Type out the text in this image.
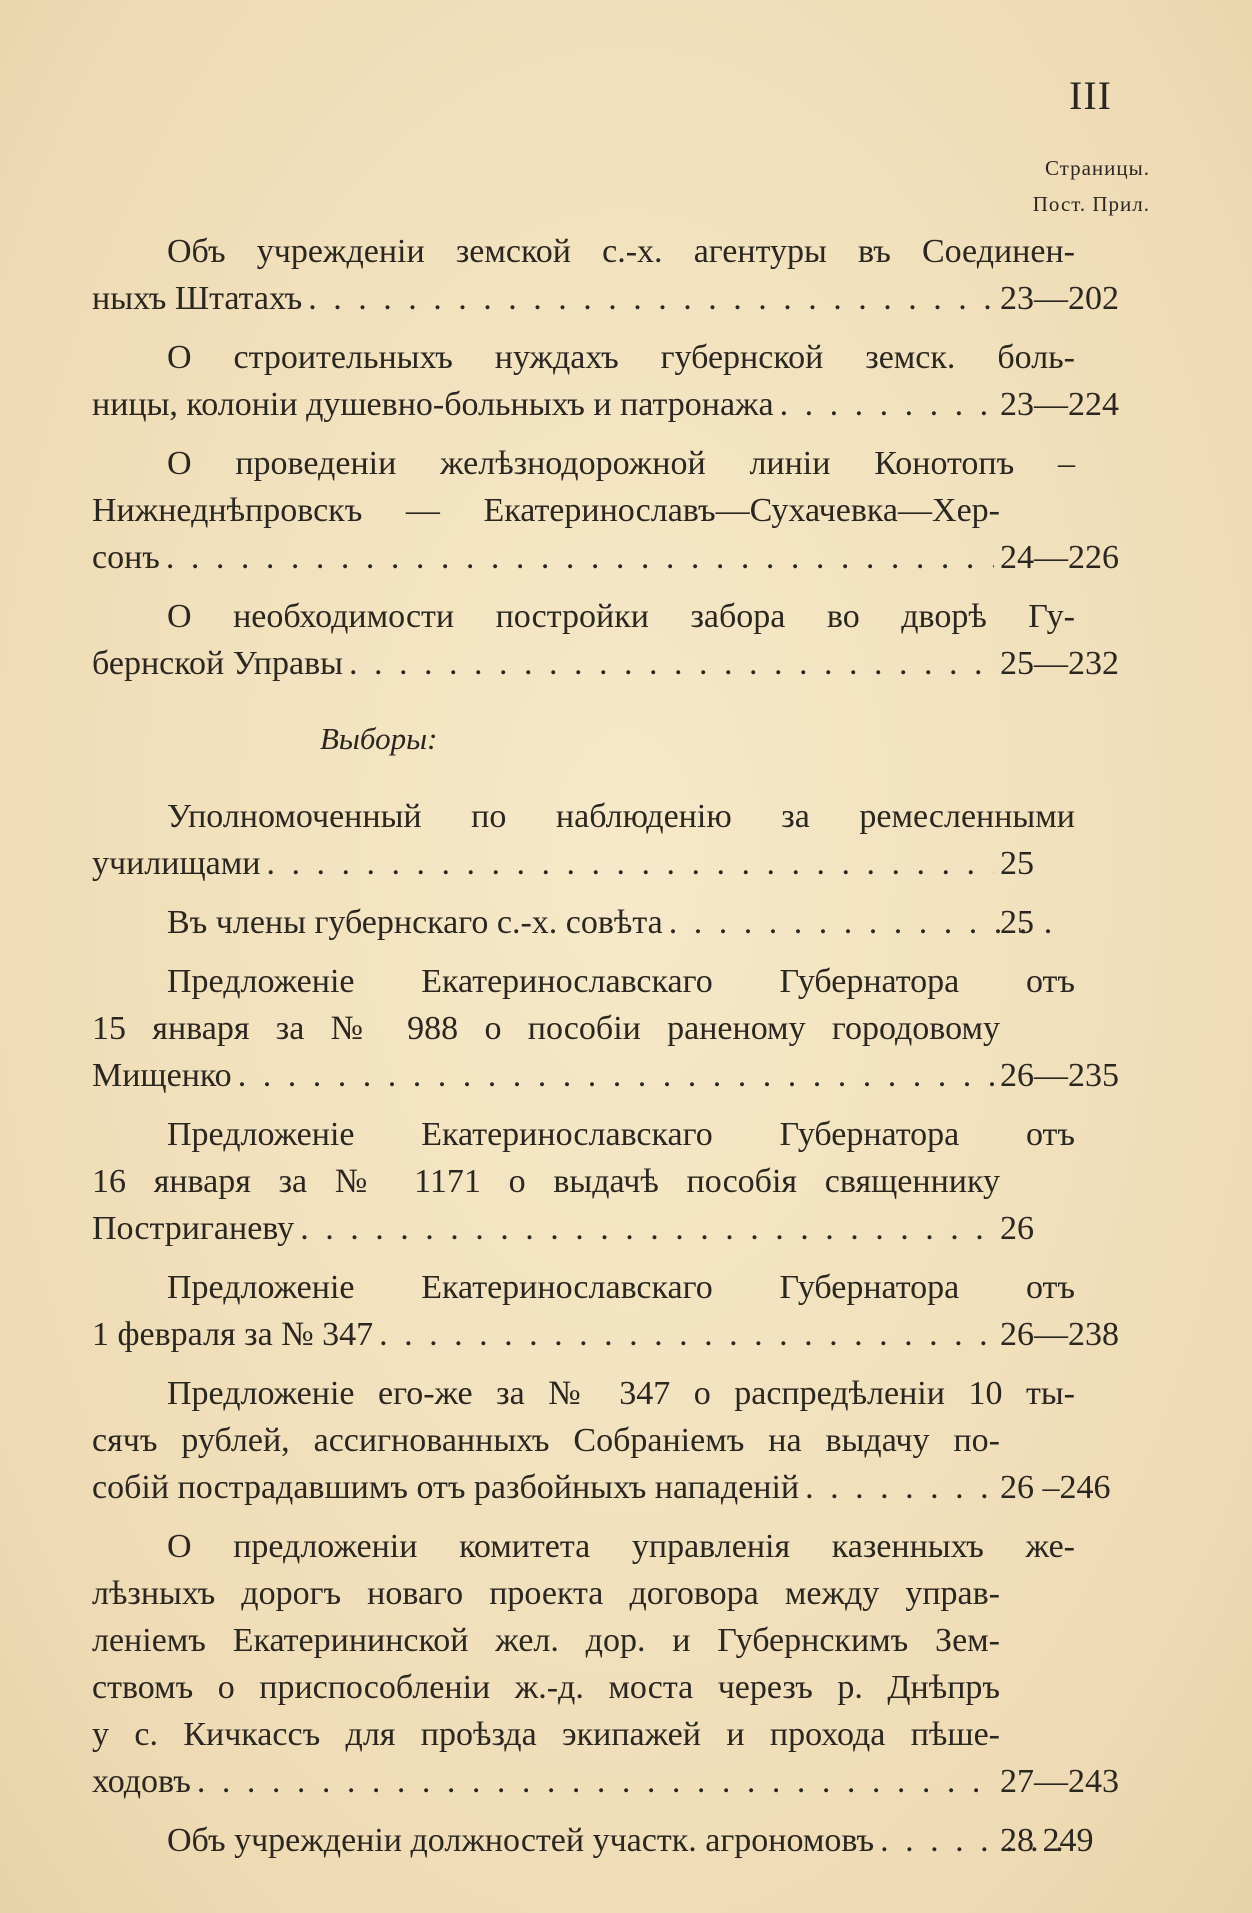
III
Страницы.
Пост. Прил.

Объ учрежденіи земской с.-х. агентуры въ Соединен-

ныхъ Штатахъ . . .	23—202

О строительныхъ нуждахъ губернской земск. боль-

ницы, колоніи душевно-больныхъ и патронажа . . .	23—224

О проведеніи желѣзнодорожной линіи Конотопъ –

Нижнеднѣпровскъ — Екатеринославъ—Сухачевка—Хер-

сонъ . . .	24—226

О необходимости постройки забора во дворѣ Гу-

бернской Управы . . .	25—232
Выборы:

Уполномоченный по наблюденію за ремесленными

училищами . . .	25
Въ члены губернскаго с.-х. совѣта . . .	25

Предложеніе Екатеринославскаго Губернатора отъ

15 января за № 988 о пособіи раненому городовому

Мищенко . . .	26—235

Предложеніе Екатеринославскаго Губернатора отъ

16 января за № 1171 о выдачѣ пособія священнику

Постриганеву . . .	26

Предложеніе Екатеринославскаго Губернатора отъ

1 февраля за № 347 . . .	26—238

Предложеніе его-же за № 347 о распредѣленіи 10 ты-

сячъ рублей, ассигнованныхъ Собраніемъ на выдачу по-

собій пострадавшимъ отъ разбойныхъ нападеній . . .	26 –246

О предложеніи комитета управленія казенныхъ же-

лѣзныхъ дорогъ новаго проекта договора между управ-

леніемъ Екатерининской жел. дор. и Губернскимъ Зем-

ствомъ о приспособленіи ж.-д. моста черезъ р. Днѣпръ

у с. Кичкассъ для проѣзда экипажей и прохода пѣше-

ходовъ . . .	27—243
Объ учрежденіи должностей участк. агрономовъ . . .	28 249
